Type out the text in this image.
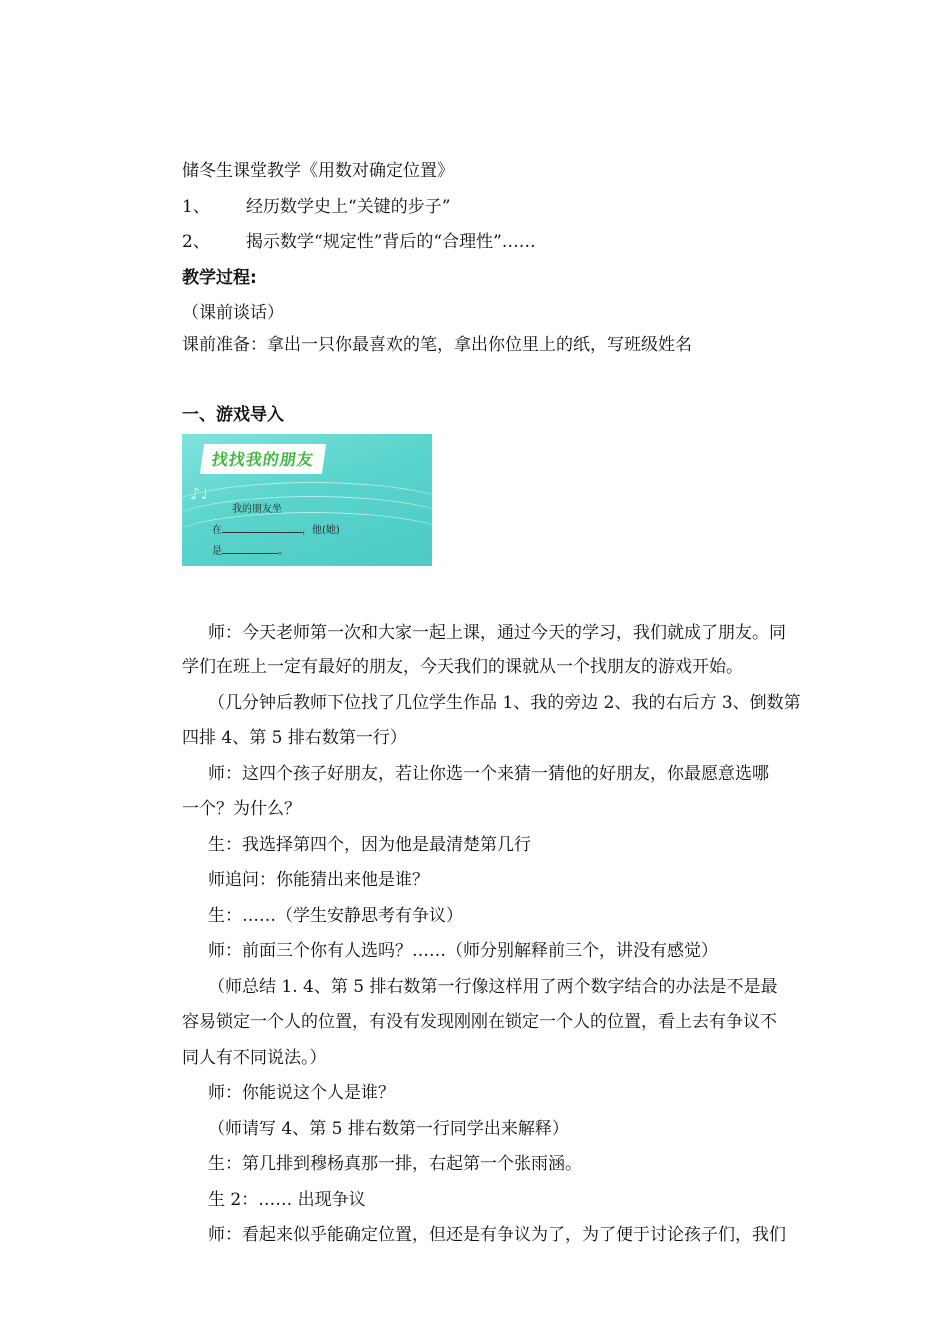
储冬生课堂教学《用数对确定位置》
1、 经历数学史上“关键的步子”
2、 揭示数学“规定性”背后的“合理性”……
教学过程:
（课前谈话）
课前准备：拿出一只你最喜欢的笔，拿出你位里上的纸，写班级姓名
一、游戏导入
♪♩
找找我的朋友
我的朋友坐
在	，他(她)
是	。
师：今天老师第一次和大家一起上课，通过今天的学习，我们就成了朋友。同
学们在班上一定有最好的朋友，今天我们的课就从一个找朋友的游戏开始。
（几分钟后教师下位找了几位学生作品 1、我的旁边 2、我的右后方 3、倒数第
四排 4、第 5 排右数第一行）
师：这四个孩子好朋友，若让你选一个来猜一猜他的好朋友，你最愿意选哪
一个？为什么？
生：我选择第四个，因为他是最清楚第几行
师追问：你能猜出来他是谁？
生：……（学生安静思考有争议）
师：前面三个你有人选吗？……（师分别解释前三个，讲没有感觉）
（师总结 1. 4、第 5 排右数第一行像这样用了两个数字结合的办法是不是最
容易锁定一个人的位置，有没有发现刚刚在锁定一个人的位置，看上去有争议不
同人有不同说法。）
师：你能说这个人是谁？
（师请写 4、第 5 排右数第一行同学出来解释）
生：第几排到穆杨真那一排，右起第一个张雨涵。
生 2：…… 出现争议
师：看起来似乎能确定位置，但还是有争议为了，为了便于讨论孩子们，我们
